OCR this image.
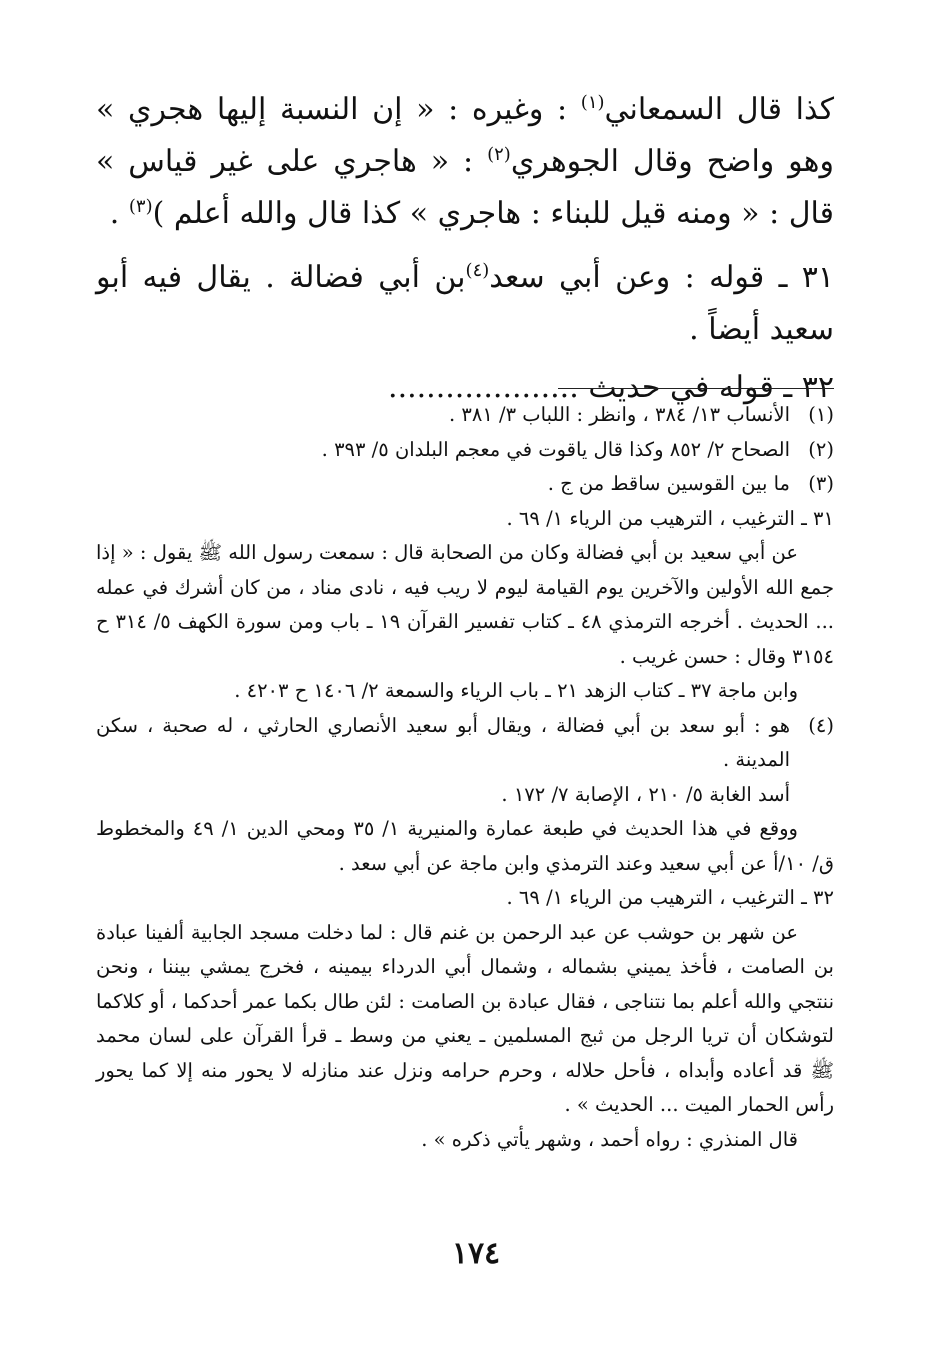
كذا قال السمعاني$^{(١)}$ : وغيره : « إن النسبة إليها هجري » وهو واضح وقال الجوهري$^{(٢)}$ : « هاجري على غير قياس » قال : « ومنه قيل للبناء : هاجري » كذا قال والله أعلم )$^{(٣)}$ .

٣١ ـ قوله : وعن أبي سعد$^{(٤)}$بن أبي فضالة . يقال فيه أبو سعيد أيضاً .

٣٢ ـ قوله في حديث ....................

(١)
الأنساب ١٣/ ٣٨٤ ، وانظر : اللباب ٣/ ٣٨١ .
(٢)
الصحاح ٢/ ٨٥٢ وكذا قال ياقوت في معجم البلدان ٥/ ٣٩٣ .
(٣)
ما بين القوسين ساقط من ج .
٣١ ـ الترغيب ، الترهيب من الرياء ١/ ٦٩ .
عن أبي سعيد بن أبي فضالة وكان من الصحابة قال : سمعت رسول الله ﷺ يقول : « إذا جمع الله الأولين والآخرين يوم القيامة ليوم لا ريب فيه ، نادى مناد ، من كان أشرك في عمله ... الحديث . أخرجه الترمذي ٤٨ ـ كتاب تفسير القرآن ١٩ ـ باب ومن سورة الكهف ٥/ ٣١٤ ح ٣١٥٤ وقال : حسن غريب .
وابن ماجة ٣٧ ـ كتاب الزهد ٢١ ـ باب الرياء والسمعة ٢/ ١٤٠٦ ح ٤٢٠٣ .
(٤)
هو : أبو سعد بن أبي فضالة ، ويقال أبو سعيد الأنصاري الحارثي ، له صحبة ، سكن المدينة .
أسد الغابة ٥/ ٢١٠ ، الإصابة ٧/ ١٧٢ .
ووقع في هذا الحديث في طبعة عمارة والمنيرية ١/ ٣٥ ومحي الدين ١/ ٤٩ والمخطوط ق/ ١٠/أ عن أبي سعيد وعند الترمذي وابن ماجة عن أبي سعد .
٣٢ ـ الترغيب ، الترهيب من الرياء ١/ ٦٩ .
عن شهر بن حوشب عن عبد الرحمن بن غنم قال : لما دخلت مسجد الجابية ألفينا عبادة بن الصامت ، فأخذ يميني بشماله ، وشمال أبي الدرداء بيمينه ، فخرج يمشي بيننا ، ونحن ننتجي والله أعلم بما نتناجى ، فقال عبادة بن الصامت : لئن طال بكما عمر أحدكما ، أو كلاكما لتوشكان أن تريا الرجل من ثبج المسلمين ـ يعني من وسط ـ قرأ القرآن على لسان محمد ﷺ قد أعاده وأبداه ، فأحل حلاله ، وحرم حرامه ونزل عند منازله لا يحور منه إلا كما يحور رأس الحمار الميت ... الحديث » .
قال المنذري : رواه أحمد ، وشهر يأتي ذكره » .
١٧٤
